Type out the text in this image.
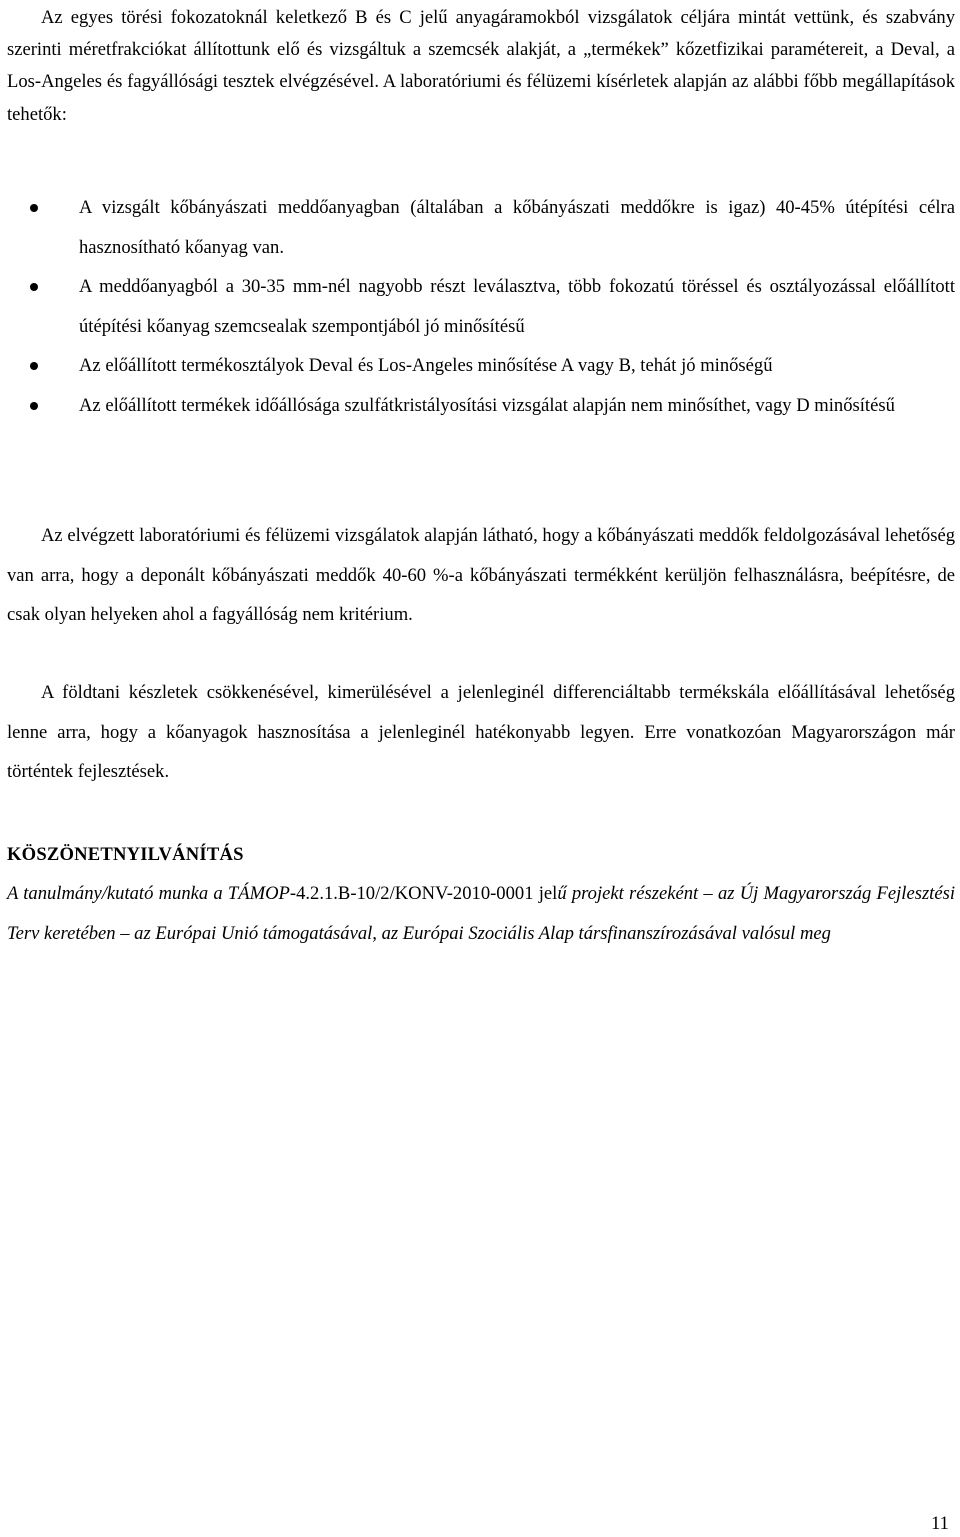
Az egyes törési fokozatoknál keletkező B és C jelű anyagáramokból vizsgálatok céljára mintát vettünk, és szabvány szerinti méretfrakciókat állítottunk elő és vizsgáltuk a szemcsék alakját, a „termékek” kőzetfizikai paramétereit, a Deval, a Los-Angeles és fagyállósági tesztek elvégzésével. A laboratóriumi és félüzemi kísérletek alapján az alábbi főbb megállapítások tehetők:

A vizsgált kőbányászati meddőanyagban (általában a kőbányászati meddőkre is igaz) 40-45% útépítési célra hasznosítható kőanyag van.
A meddőanyagból a 30-35 mm-nél nagyobb részt leválasztva, több fokozatú töréssel és osztályozással előállított útépítési kőanyag szemcsealak szempontjából jó minősítésű
Az előállított termékosztályok Deval és Los-Angeles minősítése A vagy B, tehát jó minőségű
Az előállított termékek időállósága szulfátkristályosítási vizsgálat alapján nem minősíthet, vagy D minősítésű

Az elvégzett laboratóriumi és félüzemi vizsgálatok alapján látható, hogy a kőbányászati meddők feldolgozásával lehetőség van arra, hogy a deponált kőbányászati meddők 40-60 %-a kőbányászati termékként kerüljön felhasználásra, beépítésre, de csak olyan helyeken ahol a fagyállóság nem kritérium.

A földtani készletek csökkenésével, kimerülésével a jelenleginél differenciáltabb termékskála előállításával lehetőség lenne arra, hogy a kőanyagok hasznosítása a jelenleginél hatékonyabb legyen. Erre vonatkozóan Magyarországon már történtek fejlesztések.

KÖSZÖNETNYILVÁNÍTÁS

A tanulmány/kutató munka a TÁMOP-4.2.1.B-10/2/KONV-2010-0001 jelű projekt részeként – az Új Magyarország Fejlesztési Terv keretében – az Európai Unió támogatásával, az Európai Szociális Alap társfinanszírozásával valósul meg

11
